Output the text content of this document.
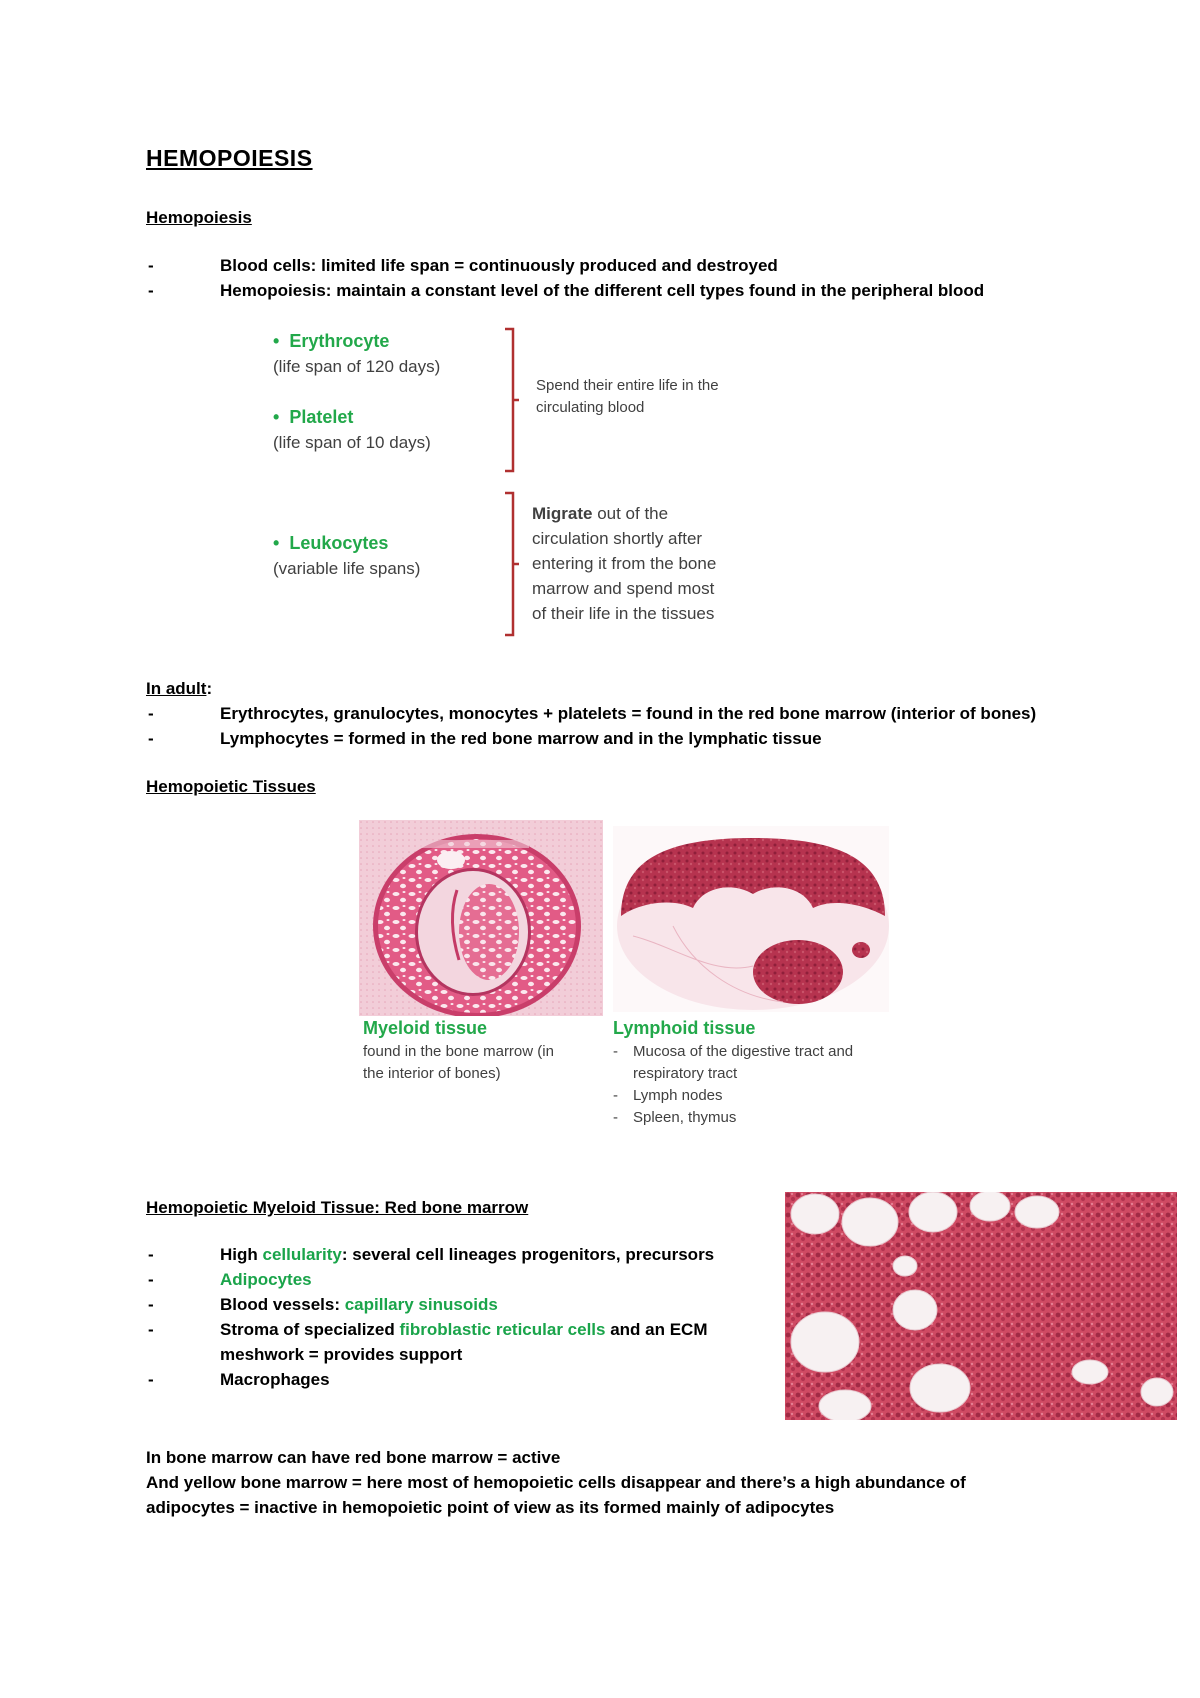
HEMOPOIESIS
Hemopoiesis
-	Blood cells: limited life span = continuously produced and destroyed
-	Hemopoiesis: maintain a constant level of the different cell types found in the peripheral blood
• Erythrocyte
(life span of 120 days)
• Platelet
(life span of 10 days)
• Leukocytes
(variable life spans)
Spend their entire life in the
circulating blood
Migrate out of the
circulation shortly after
entering it from the bone
marrow and spend most
of their life in the tissues
In adult:
-	Erythrocytes, granulocytes, monocytes + platelets = found in the red bone marrow (interior of bones)
-	Lymphocytes = formed in the red bone marrow and in the lymphatic tissue
Hemopoietic Tissues
Myeloid tissue
found in the bone marrow (in
the interior of bones)
Lymphoid tissue
- Mucosa of the digestive tract and
respiratory tract
- Lymph nodes
- Spleen, thymus
Hemopoietic Myeloid Tissue: Red bone marrow
-	High cellularity: several cell lineages progenitors, precursors
-	Adipocytes
-	Blood vessels: capillary sinusoids
-	Stroma of specialized fibroblastic reticular cells and an ECM
meshwork = provides support
-	Macrophages
In bone marrow can have red bone marrow = active
And yellow bone marrow = here most of hemopoietic cells disappear and there’s a high abundance of
adipocytes = inactive in hemopoietic point of view as its formed mainly of adipocytes
